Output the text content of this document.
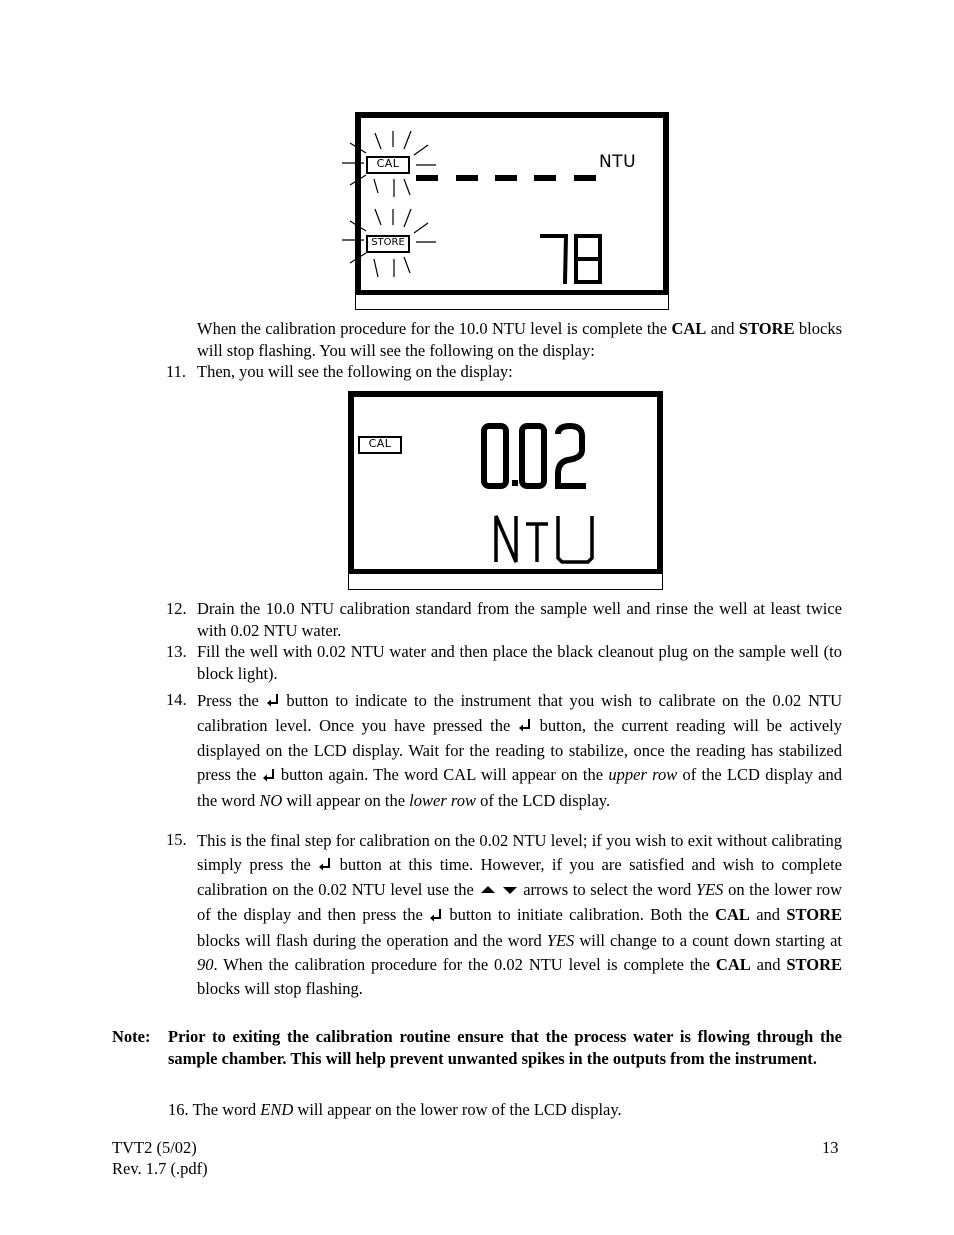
CAL
STORE
NTU
When the calibration procedure for the 10.0 NTU level is complete the CAL and STORE blocks will stop flashing. You will see the following on the display:
11. Then, you will see the following on the display:
CAL
12. Drain the 10.0 NTU calibration standard from the sample well and rinse the well at least twice with 0.02 NTU water.
13. Fill the well with 0.02 NTU water and then place the black cleanout plug on the sample well (to block light).
14. Press the  button to indicate to the instrument that you wish to calibrate on the 0.02 NTU calibration level. Once you have pressed the  button, the current reading will be actively displayed on the LCD display. Wait for the reading to stabilize, once the reading has stabilized press the  button again. The word CAL will appear on the upper row of the LCD display and the word NO will appear on the lower row of the LCD display.
15. This is the final step for calibration on the 0.02 NTU level; if you wish to exit without calibrating simply press the  button at this time. However, if you are satisfied and wish to complete calibration on the 0.02 NTU level use the  arrows to select the word YES on the lower row of the display and then press the  button to initiate calibration. Both the CAL and STORE blocks will flash during the operation and the word YES will change to a count down starting at 90. When the calibration procedure for the 0.02 NTU level is complete the CAL and STORE blocks will stop flashing.
Note: Prior to exiting the calibration routine ensure that the process water is flowing through the sample chamber. This will help prevent unwanted spikes in the outputs from the instrument.
16. The word END will appear on the lower row of the LCD display.
TVT2 (5/02)
Rev. 1.7 (.pdf)
13
